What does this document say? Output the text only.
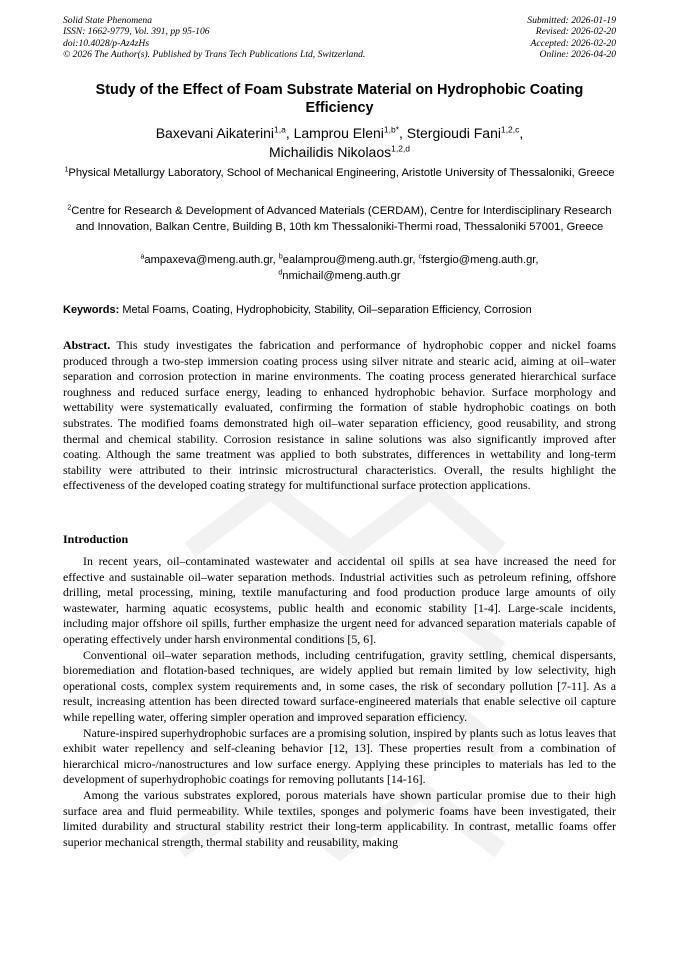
Solid State Phenomena
ISSN: 1662-9779, Vol. 391, pp 95-106
doi:10.4028/p-Az4zHs
© 2026 The Author(s). Published by Trans Tech Publications Ltd, Switzerland.
Submitted: 2026-01-19
Revised: 2026-02-20
Accepted: 2026-02-20
Online: 2026-04-20
Study of the Effect of Foam Substrate Material on Hydrophobic Coating Efficiency
Baxevani Aikaterini$^{1,a}$, Lamprou Eleni$^{1,b*}$, Stergioudi Fani$^{1,2,c}$,
Michailidis Nikolaos$^{1,2,d}$
$^1$Physical Metallurgy Laboratory, School of Mechanical Engineering, Aristotle University of Thessaloniki, Greece
$^2$Centre for Research & Development of Advanced Materials (CERDAM), Centre for Interdisciplinary Research and Innovation, Balkan Centre, Building B, 10th km Thessaloniki-Thermi road, Thessaloniki 57001, Greece
$^a$ampaxeva@meng.auth.gr, $^b$ealamprou@meng.auth.gr, $^c$fstergio@meng.auth.gr,
$^d$nmichail@meng.auth.gr
Keywords: Metal Foams, Coating, Hydrophobicity, Stability, Oil–separation Efficiency, Corrosion
Abstract. This study investigates the fabrication and performance of hydrophobic copper and nickel foams produced through a two-step immersion coating process using silver nitrate and stearic acid, aiming at oil–water separation and corrosion protection in marine environments. The coating process generated hierarchical surface roughness and reduced surface energy, leading to enhanced hydrophobic behavior. Surface morphology and wettability were systematically evaluated, confirming the formation of stable hydrophobic coatings on both substrates. The modified foams demonstrated high oil–water separation efficiency, good reusability, and strong thermal and chemical stability. Corrosion resistance in saline solutions was also significantly improved after coating. Although the same treatment was applied to both substrates, differences in wettability and long-term stability were attributed to their intrinsic microstructural characteristics. Overall, the results highlight the effectiveness of the developed coating strategy for multifunctional surface protection applications.
Introduction

In recent years, oil–contaminated wastewater and accidental oil spills at sea have increased the need for effective and sustainable oil–water separation methods. Industrial activities such as petroleum refining, offshore drilling, metal processing, mining, textile manufacturing and food production produce large amounts of oily wastewater, harming aquatic ecosystems, public health and economic stability [1-4]. Large-scale incidents, including major offshore oil spills, further emphasize the urgent need for advanced separation materials capable of operating effectively under harsh environmental conditions [5, 6].

Conventional oil–water separation methods, including centrifugation, gravity settling, chemical dispersants, bioremediation and flotation-based techniques, are widely applied but remain limited by low selectivity, high operational costs, complex system requirements and, in some cases, the risk of secondary pollution [7-11]. As a result, increasing attention has been directed toward surface-engineered materials that enable selective oil capture while repelling water, offering simpler operation and improved separation efficiency.

Nature-inspired superhydrophobic surfaces are a promising solution, inspired by plants such as lotus leaves that exhibit water repellency and self-cleaning behavior [12, 13]. These properties result from a combination of hierarchical micro-/nanostructures and low surface energy. Applying these principles to materials has led to the development of superhydrophobic coatings for removing pollutants [14-16].

Among the various substrates explored, porous materials have shown particular promise due to their high surface area and fluid permeability. While textiles, sponges and polymeric foams have been investigated, their limited durability and structural stability restrict their long-term applicability. In contrast, metallic foams offer superior mechanical strength, thermal stability and reusability, making
